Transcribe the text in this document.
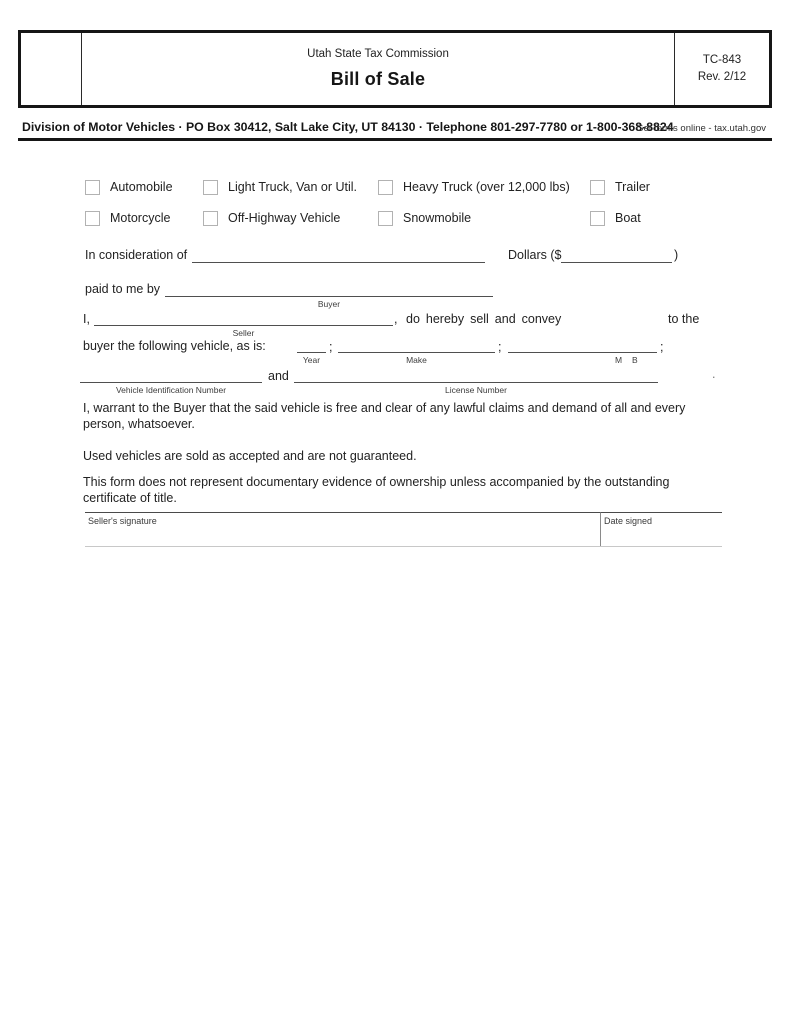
Utah State Tax Commission
Bill of Sale
TC-843
Rev. 2/12
Division of Motor Vehicles · PO Box 30412, Salt Lake City, UT 84130 · Telephone 801-297-7780 or 1-800-368-8824
Get forms online - tax.utah.gov
Automobile	Light Truck, Van or Util.	Heavy Truck (over 12,000 lbs)	Trailer
Motorcycle	Off-Highway Vehicle	Snowmobile	Boat
In consideration of	Dollars ($	)
paid to me by
Buyer
I,
Seller
, do hereby sell and convey	to the
buyer the following vehicle, as is:	;
Year
;
Make
;
M B
Vehicle Identification Number
and
License Number
.
I, warrant to the Buyer that the said vehicle is free and clear of any lawful claims and demand of all and every
person, whatsoever.
Used vehicles are sold as accepted and are not guaranteed.
This form does not represent documentary evidence of ownership unless accompanied by the outstanding
certificate of title.
Seller's signature	Date signed
